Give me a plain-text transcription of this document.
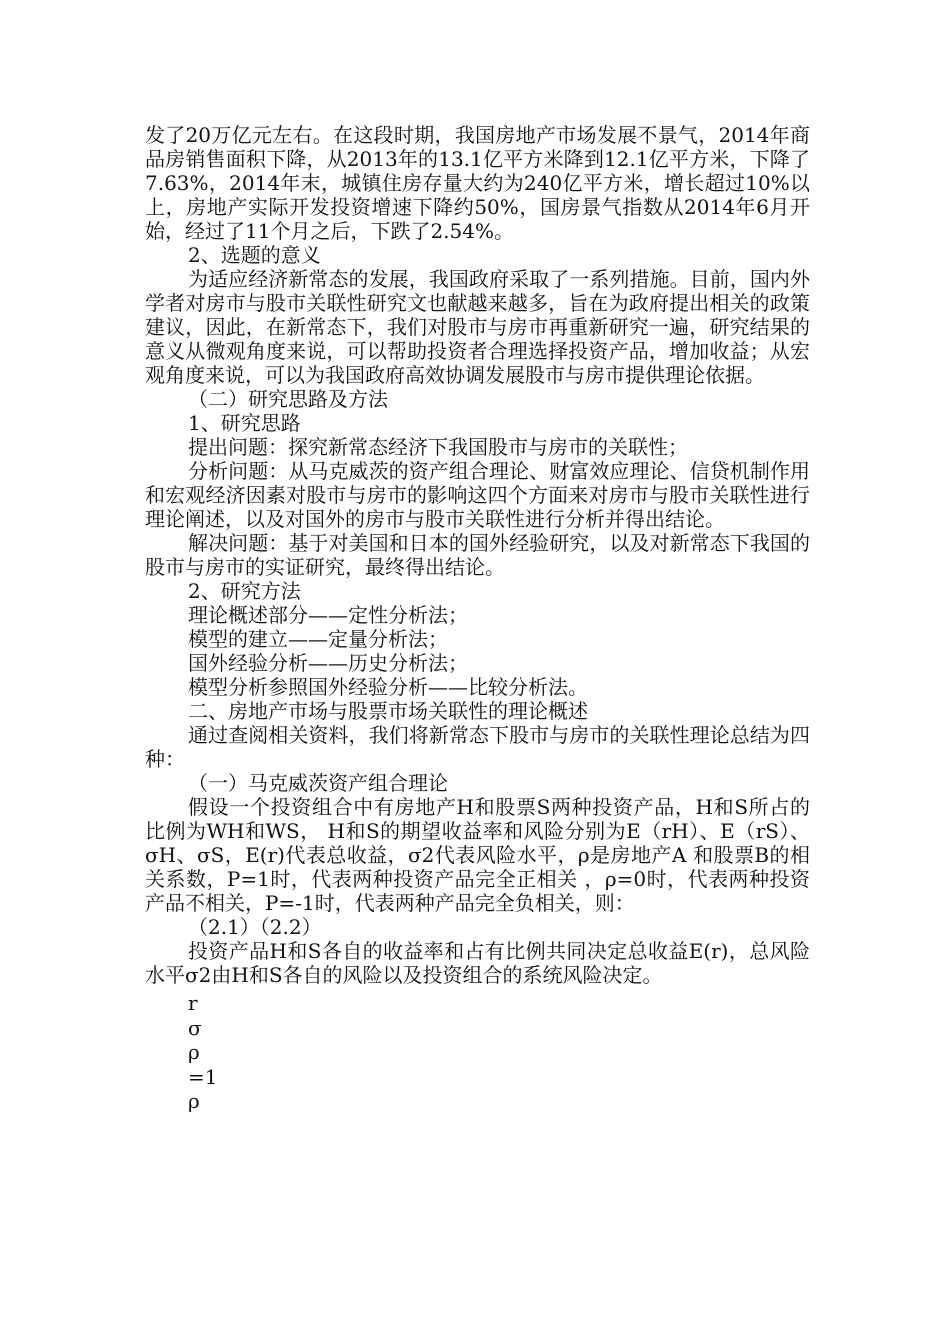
发了20万亿元左右。在这段时期，我国房地产市场发展不景气，2014年商品房销售面积下降，从2013年的13.1亿平方米降到12.1亿平方米，下降了7.63%，2014年末，城镇住房存量大约为240亿平方米，增长超过10%以上，房地产实际开发投资增速下降约50%，国房景气指数从2014年6月开始，经过了11个月之后，下跌了2.54%。

2、选题的意义

为适应经济新常态的发展，我国政府采取了一系列措施。目前，国内外学者对房市与股市关联性研究文也献越来越多，旨在为政府提出相关的政策建议，因此，在新常态下，我们对股市与房市再重新研究一遍，研究结果的意义从微观角度来说，可以帮助投资者合理选择投资产品，增加收益；从宏观角度来说，可以为我国政府高效协调发展股市与房市提供理论依据。

（二）研究思路及方法

1、研究思路

提出问题：探究新常态经济下我国股市与房市的关联性；

分析问题：从马克威茨的资产组合理论、财富效应理论、信贷机制作用和宏观经济因素对股市与房市的影响这四个方面来对房市与股市关联性进行理论阐述，以及对国外的房市与股市关联性进行分析并得出结论。

解决问题：基于对美国和日本的国外经验研究，以及对新常态下我国的股市与房市的实证研究，最终得出结论。

2、研究方法

理论概述部分——定性分析法；

模型的建立——定量分析法；

国外经验分析——历史分析法；

模型分析参照国外经验分析——比较分析法。

二、房地产市场与股票市场关联性的理论概述

通过查阅相关资料，我们将新常态下股市与房市的关联性理论总结为四种：

（一）马克威茨资产组合理论

假设一个投资组合中有房地产H和股票S两种投资产品，H和S所占的比例为WH和WS， H和S的期望收益率和风险分别为E（rH）、E（rS）、σH、σS，E(r)代表总收益，σ2代表风险水平，ρ是房地产A 和股票B的相关系数，P=1时，代表两种投资产品完全正相关 ，ρ=0时，代表两种投资产品不相关，P=-1时，代表两种产品完全负相关，则：

（2.1）（2.2）

投资产品H和S各自的收益率和占有比例共同决定总收益E(r)，总风险水平σ2由H和S各自的风险以及投资组合的系统风险决定。

r

σ

ρ

=1

ρ
